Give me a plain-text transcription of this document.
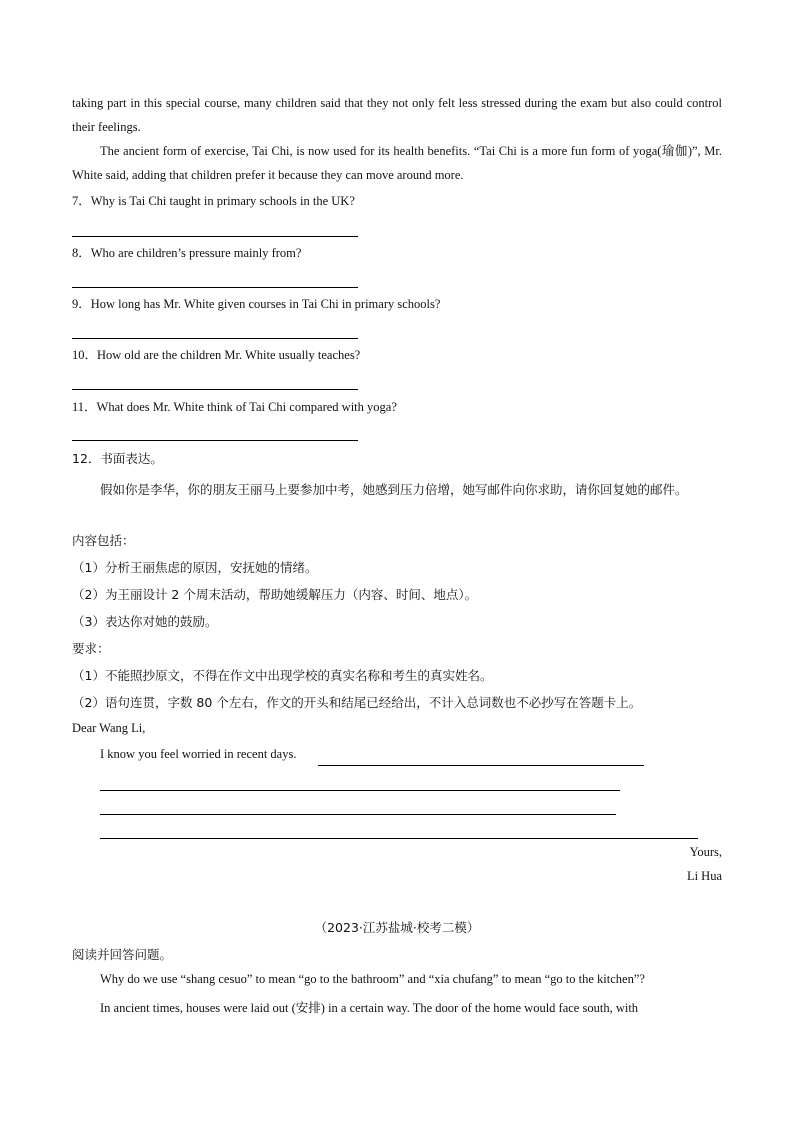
taking part in this special course, many children said that they not only felt less stressed during the exam but also could control their feelings.
The ancient form of exercise, Tai Chi, is now used for its health benefits. “Tai Chi is a more fun form of yoga(瑜伽)”, Mr. White said, adding that children prefer it because they can move around more.
7．Why is Tai Chi taught in primary schools in the UK?
8．Who are children’s pressure mainly from?
9．How long has Mr. White given courses in Tai Chi in primary schools?
10．How old are the children Mr. White usually teaches?
11．What does Mr. White think of Tai Chi compared with yoga?
12．书面表达。
假如你是李华，你的朋友王丽马上要参加中考，她感到压力倍增，她写邮件向你求助，请你回复她的邮件。
内容包括：
（1）分析王丽焦虑的原因，安抚她的情绪。
（2）为王丽设计 2 个周末活动，帮助她缓解压力（内容、时间、地点）。
（3）表达你对她的鼓励。
要求：
（1）不能照抄原文，不得在作文中出现学校的真实名称和考生的真实姓名。
（2）语句连贯，字数 80 个左右，作文的开头和结尾已经给出，不计入总词数也不必抄写在答题卡上。
Dear Wang Li,
I know you feel worried in recent days.
Yours,
Li Hua
（2023·江苏盐城·校考二模）
阅读并回答问题。
Why do we use “shang cesuo” to mean “go to the bathroom” and “xia chufang” to mean “go to the kitchen”?
In ancient times, houses were laid out (安排) in a certain way. The door of the home would face south, with
